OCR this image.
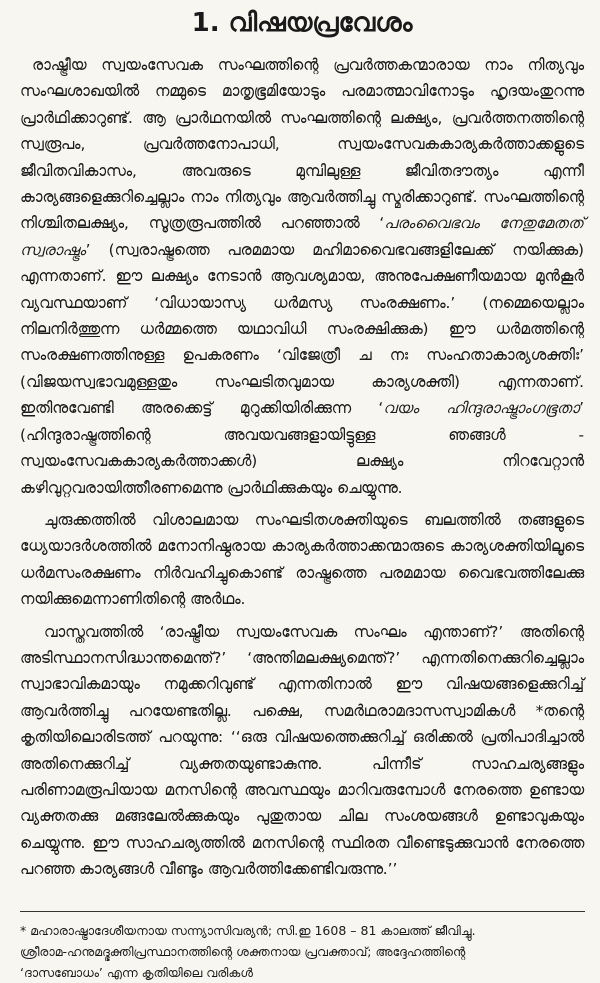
1. വിഷയപ്രവേശം

രാഷ്ട്രീയ സ്വയംസേവക സംഘത്തിന്റെ പ്രവർത്തകന്മാരായ നാം നിത്യവും സംഘശാഖയിൽ നമ്മുടെ മാതൃഭൂമിയോടും പരമാത്മാവിനോടും ഹൃദയംതുറന്നു പ്രാർഥിക്കാറുണ്ട്. ആ പ്രാർഥനയിൽ സംഘത്തിന്റെ ലക്ഷ്യം, പ്രവർത്തനത്തിന്റെ സ്വരൂപം, പ്രവർത്തനോപാധി, സ്വയംസേവകകാര്യകർത്താക്കളുടെ ജീവിതവികാസം, അവരുടെ മുമ്പിലുള്ള ജീവിതദൗത്യം എന്നീ കാര്യങ്ങളെക്കുറിച്ചെല്ലാം നാം നിത്യവും ആവർത്തിച്ചു സ്മരിക്കാറുണ്ട്. സംഘത്തിന്റെ നിശ്ചിതലക്ഷ്യം, സൂത്രരൂപത്തിൽ പറഞ്ഞാൽ ‘പരംവൈഭവം നേതുമേതത് സ്വരാഷ്ട്രം’ (സ്വരാഷ്ട്രത്തെ പരമമായ മഹിമാവൈഭവങ്ങളിലേക്ക് നയിക്കുക) എന്നതാണ്. ഈ ലക്ഷ്യം നേടാൻ ആവശ്യമായ, അനുപേക്ഷണീയമായ മുൻകൂർ വ്യവസ്ഥയാണ് ‘വിധായാസ്യ ധർമസ്യ സംരക്ഷണം.’ (നമ്മെയെല്ലാം നിലനിർത്തുന്ന ധർമ്മത്തെ യഥാവിധി സംരക്ഷിക്കുക) ഈ ധർമത്തിന്റെ സംരക്ഷണത്തിനുള്ള ഉപകരണം ‘വിജേത്രീ ച നഃ സംഹതാകാര്യശക്തിഃ’ (വിജയസ്വഭാവമുള്ളതും സംഘടിതവുമായ കാര്യശക്തി) എന്നതാണ്. ഇതിനുവേണ്ടി അരക്കെട്ട് മുറുക്കിയിരിക്കുന്ന ‘വയം ഹിന്ദുരാഷ്ട്രാംഗഭൂതാ’ (ഹിന്ദുരാഷ്ട്രത്തിന്റെ അവയവങ്ങളായിട്ടുള്ള ഞങ്ങൾ - സ്വയംസേവകകാര്യകർത്താക്കൾ) ലക്ഷ്യം നിറവേറ്റാൻ കഴിവുറ്റവരായിത്തീരണമെന്നു പ്രാർഥിക്കുകയും ചെയ്യുന്നു.

ചുരുക്കത്തിൽ വിശാലമായ സംഘടിതശക്തിയുടെ ബലത്തിൽ തങ്ങളുടെ ധ്യേയാദർശത്തിൽ മനോനിഷ്ഠരായ കാര്യകർത്താക്കന്മാരുടെ കാര്യശക്തിയിലൂടെ ധർമസംരക്ഷണം നിർവഹിച്ചുകൊണ്ട് രാഷ്ട്രത്തെ പരമമായ വൈഭവത്തിലേക്കു നയിക്കുമെന്നാണിതിന്റെ അർഥം.

വാസ്തവത്തിൽ ‘രാഷ്ട്രീയ സ്വയംസേവക സംഘം എന്താണ്?’ അതിന്റെ അടിസ്ഥാനസിദ്ധാന്തമെന്ത്?’ ‘അന്തിമലക്ഷ്യമെന്ത്?’ എന്നതിനെക്കുറിച്ചെല്ലാം സ്വാഭാവികമായും നമുക്കറിവുണ്ട് എന്നതിനാൽ ഈ വിഷയങ്ങളെക്കുറിച്ച് ആവർത്തിച്ചു പറയേണ്ടതില്ല. പക്ഷെ, സമർഥരാമദാസസ്വാമികൾ *തന്റെ കൃതിയിലൊരിടത്ത് പറയുന്നു: ‘‘ഒരു വിഷയത്തെക്കുറിച്ച് ഒരിക്കൽ പ്രതിപാദിച്ചാൽ അതിനെക്കുറിച്ച് വ്യക്തതയുണ്ടാകുന്നു. പിന്നീട് സാഹചര്യങ്ങളും പരിണാമരൂപിയായ മനസിന്റെ അവസ്ഥയും മാറിവരുമ്പോൾ നേരത്തെ ഉണ്ടായ വ്യക്തതക്കു മങ്ങലേൽക്കുകയും പുതുതായ ചില സംശയങ്ങൾ ഉണ്ടാവുകയും ചെയ്യുന്നു. ഈ സാഹചര്യത്തിൽ മനസിന്റെ സ്ഥിരത വീണ്ടെടുക്കുവാൻ നേരത്തെ പറഞ്ഞ കാര്യങ്ങൾ വീണ്ടും ആവർത്തിക്കേണ്ടിവരുന്നു.’’

* മഹാരാഷ്ട്രാദേശീയനായ സന്ന്യാസിവര്യൻ; സി.ഇ 1608 – 81 കാലത്ത് ജീവിച്ചു.

ശ്രീരാമ-ഹനുമദ്ഭക്തിപ്രസ്ഥാനത്തിന്റെ ശക്തനായ പ്രവക്താവ്; അദ്ദേഹത്തിന്റെ

‘ദാസബോധം’ എന്ന കൃതിയിലെ വരികൾ
